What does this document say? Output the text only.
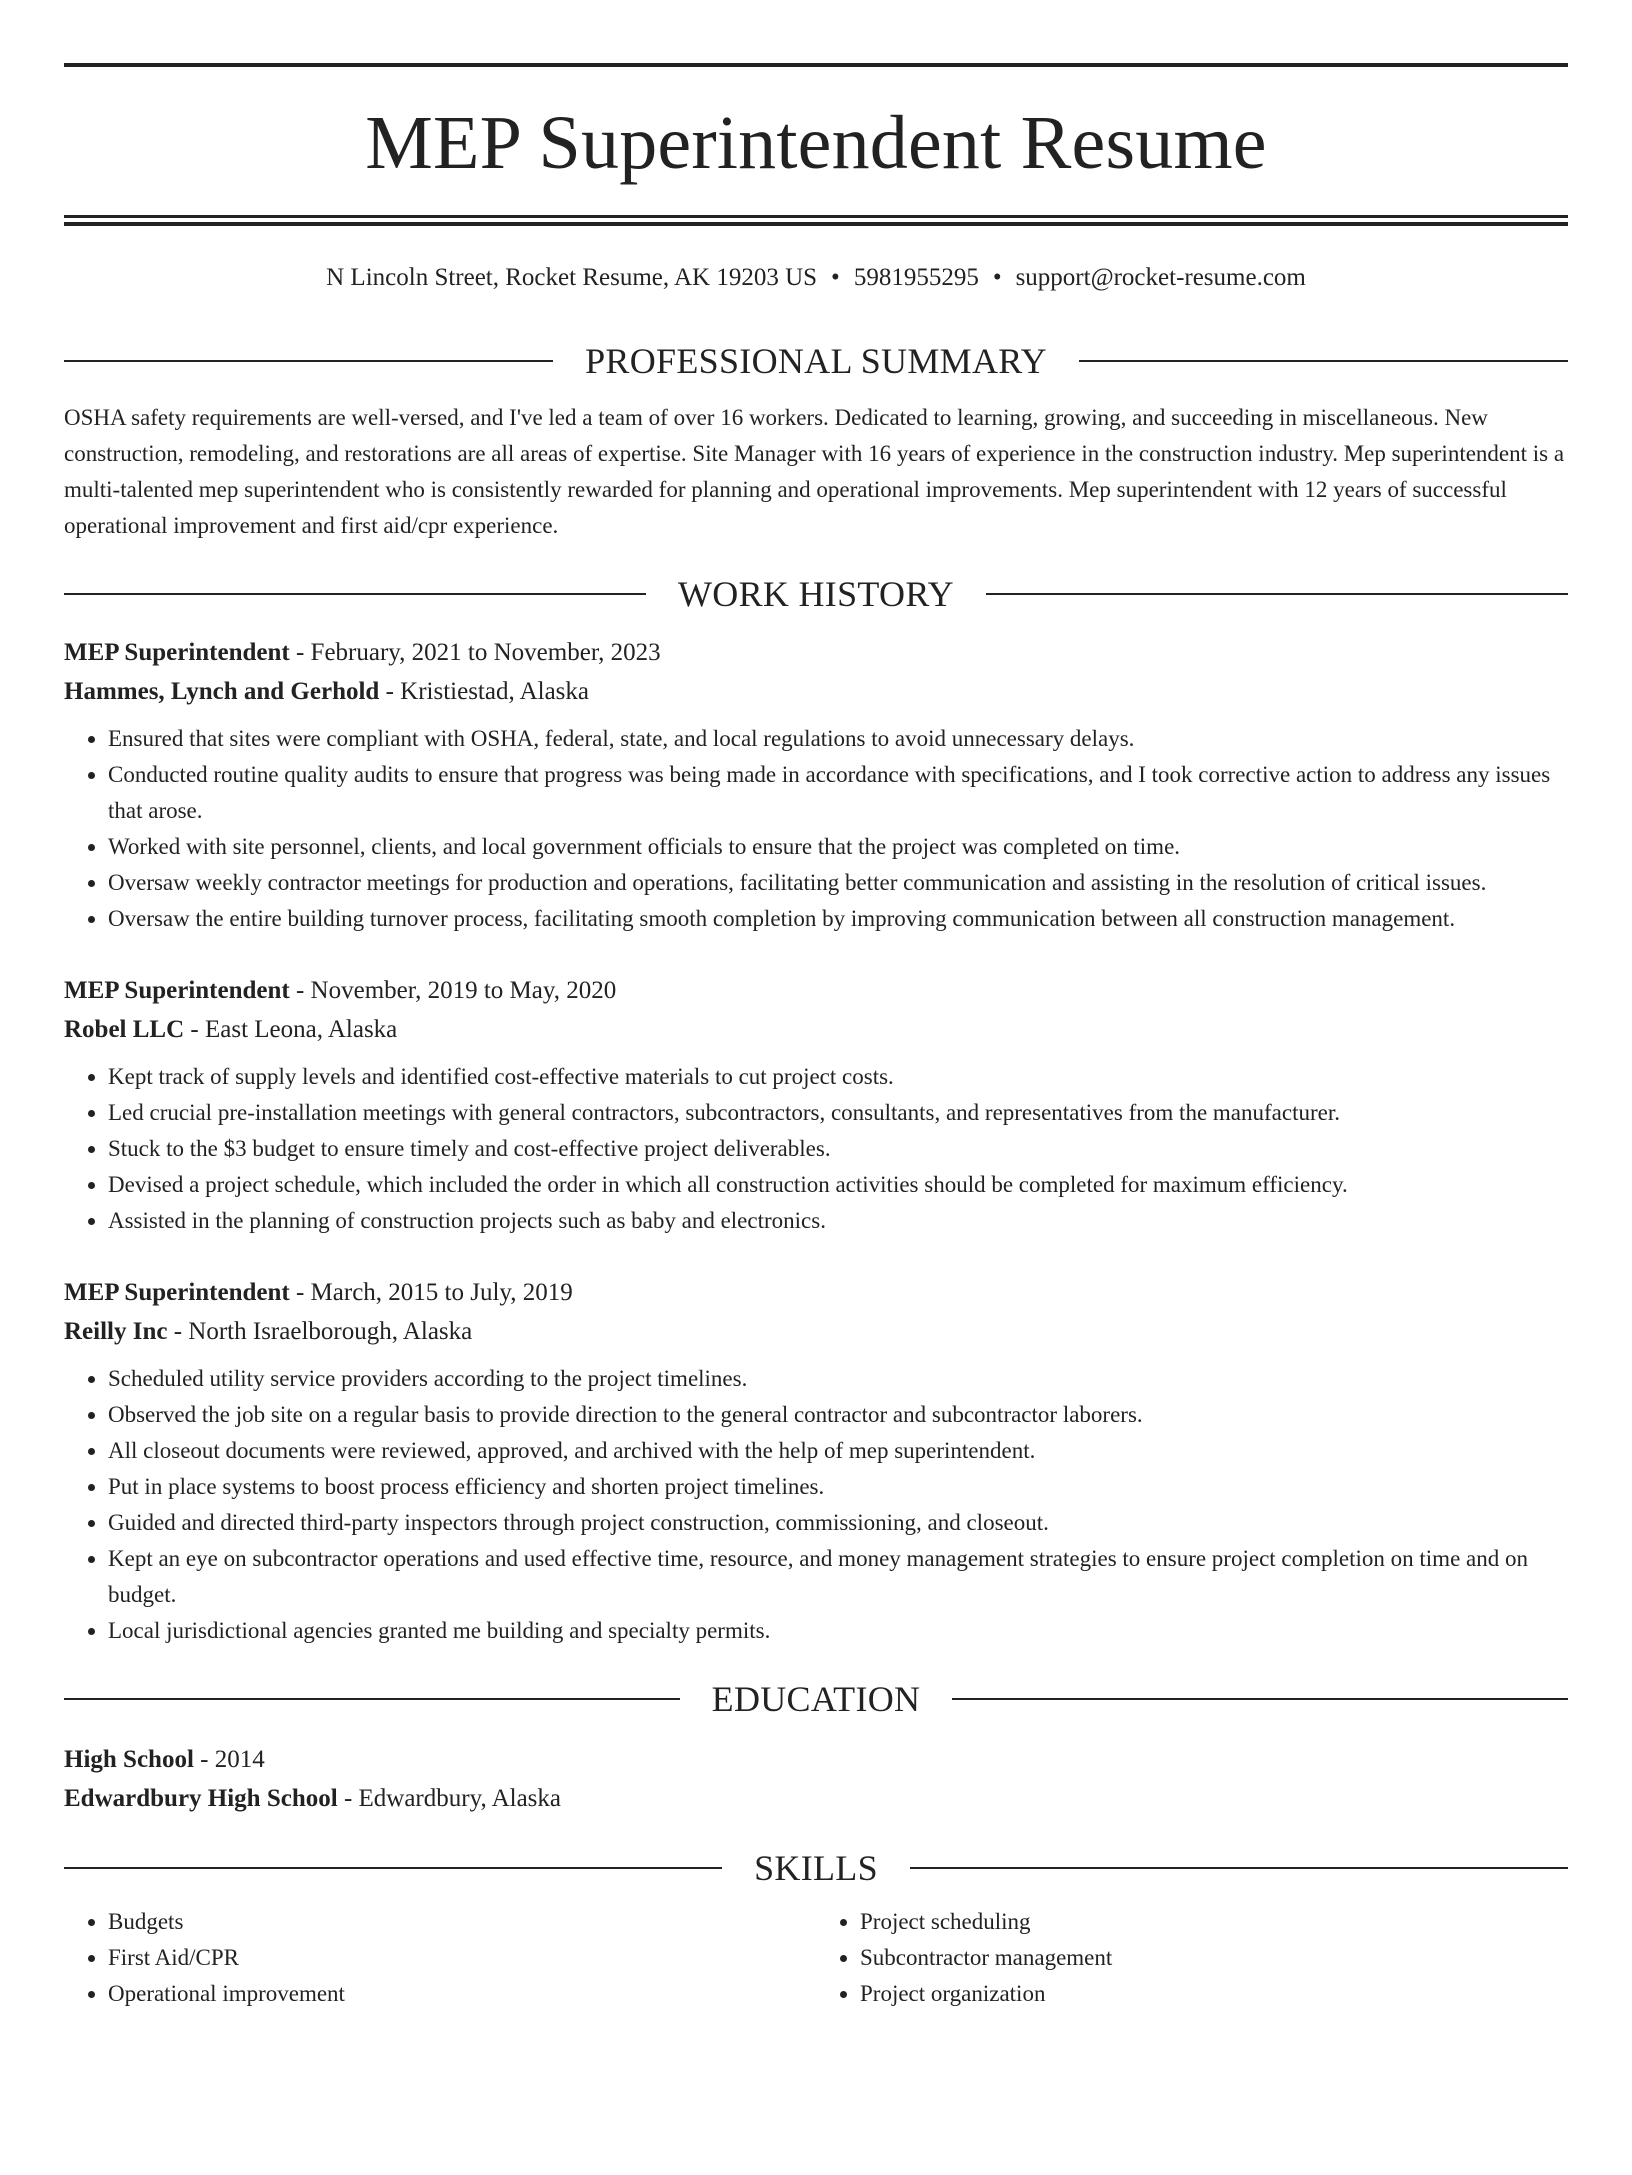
MEP Superintendent Resume
N Lincoln Street, Rocket Resume, AK 19203 US • 5981955295 • support@rocket-resume.com
PROFESSIONAL SUMMARY

OSHA safety requirements are well-versed, and I've led a team of over 16 workers. Dedicated to learning, growing, and succeeding in miscellaneous. New construction, remodeling, and restorations are all areas of expertise. Site Manager with 16 years of experience in the construction industry. Mep superintendent is a multi-talented mep superintendent who is consistently rewarded for planning and operational improvements. Mep superintendent with 12 years of successful operational improvement and first aid/cpr experience.

WORK HISTORY
MEP Superintendent - February, 2021 to November, 2023
Hammes, Lynch and Gerhold - Kristiestad, Alaska
• Ensured that sites were compliant with OSHA, federal, state, and local regulations to avoid unnecessary delays.
• Conducted routine quality audits to ensure that progress was being made in accordance with specifications, and I took corrective action to address any issues that arose.
• Worked with site personnel, clients, and local government officials to ensure that the project was completed on time.
• Oversaw weekly contractor meetings for production and operations, facilitating better communication and assisting in the resolution of critical issues.
• Oversaw the entire building turnover process, facilitating smooth completion by improving communication between all construction management.
MEP Superintendent - November, 2019 to May, 2020
Robel LLC - East Leona, Alaska
• Kept track of supply levels and identified cost-effective materials to cut project costs.
• Led crucial pre-installation meetings with general contractors, subcontractors, consultants, and representatives from the manufacturer.
• Stuck to the $3 budget to ensure timely and cost-effective project deliverables.
• Devised a project schedule, which included the order in which all construction activities should be completed for maximum efficiency.
• Assisted in the planning of construction projects such as baby and electronics.
MEP Superintendent - March, 2015 to July, 2019
Reilly Inc - North Israelborough, Alaska
• Scheduled utility service providers according to the project timelines.
• Observed the job site on a regular basis to provide direction to the general contractor and subcontractor laborers.
• All closeout documents were reviewed, approved, and archived with the help of mep superintendent.
• Put in place systems to boost process efficiency and shorten project timelines.
• Guided and directed third-party inspectors through project construction, commissioning, and closeout.
• Kept an eye on subcontractor operations and used effective time, resource, and money management strategies to ensure project completion on time and on budget.
• Local jurisdictional agencies granted me building and specialty permits.
EDUCATION
High School - 2014
Edwardbury High School - Edwardbury, Alaska
SKILLS
• Budgets
• First Aid/CPR
• Operational improvement
• Project scheduling
• Subcontractor management
• Project organization
